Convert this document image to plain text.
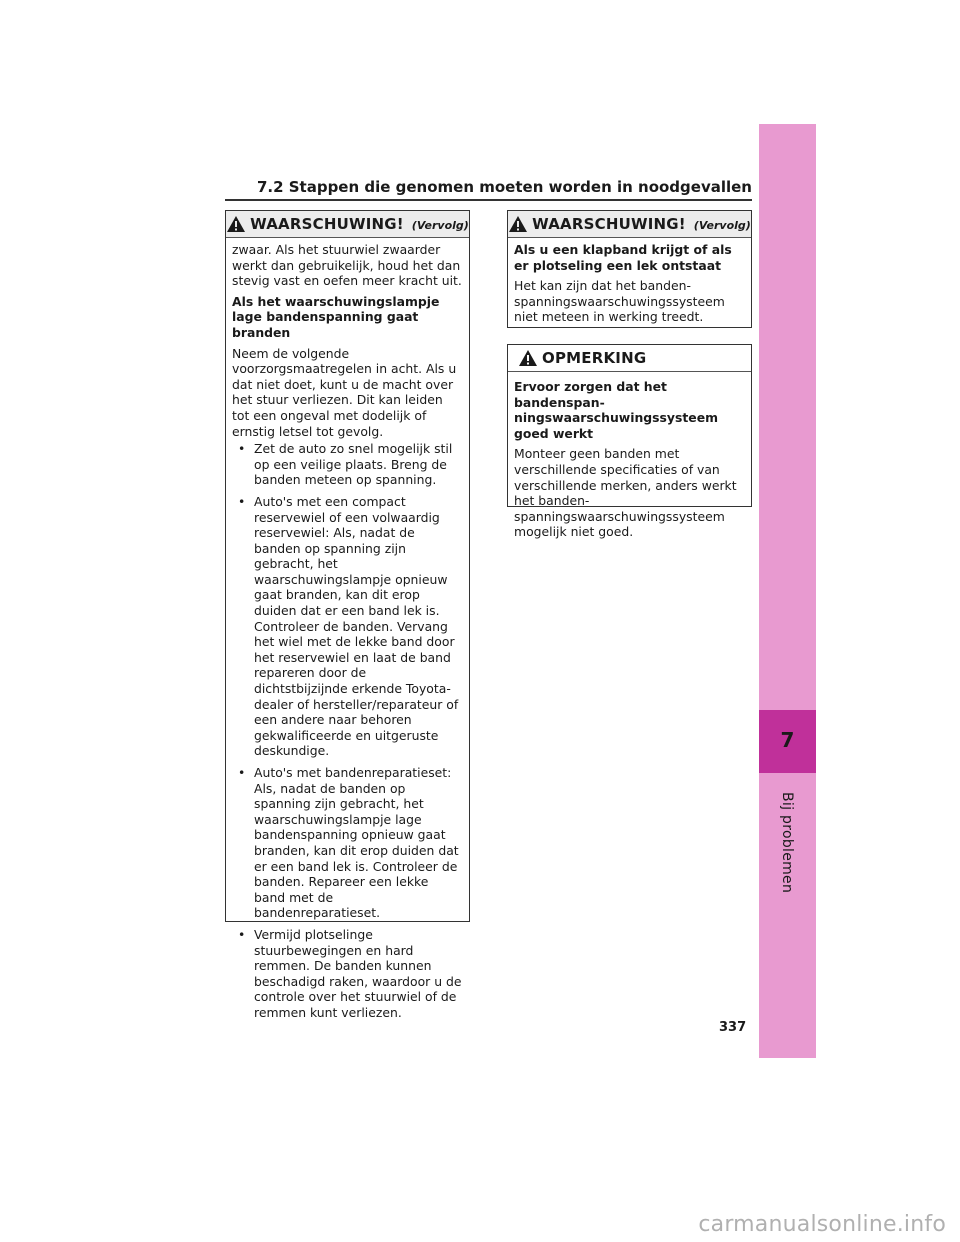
7
Bij problemen
7.2 Stappen die genomen moeten worden in noodgevallen
WAARSCHUWING! (Vervolg)

zwaar. Als het stuurwiel zwaarder werkt dan gebruikelijk, houd het dan stevig vast en oefen meer kracht uit.

Als het waarschuwingslampje lage bandenspanning gaat branden

Neem de volgende voorzorgsmaatregelen in acht. Als u dat niet doet, kunt u de macht over het stuur verliezen. Dit kan leiden tot een ongeval met dodelijk of ernstig letsel tot gevolg.

• Zet de auto zo snel mogelijk stil op een veilige plaats. Breng de banden meteen op spanning.
• Auto's met een compact reservewiel of een volwaardig reservewiel: Als, nadat de banden op spanning zijn gebracht, het waarschuwingslampje opnieuw gaat branden, kan dit erop duiden dat er een band lek is. Controleer de banden. Vervang het wiel met de lekke band door het reservewiel en laat de band repareren door de dichtstbijzijnde erkende Toyota-dealer of hersteller/reparateur of een andere naar behoren gekwalificeerde en uitgeruste deskundige.
• Auto's met bandenreparatieset: Als, nadat de banden op spanning zijn gebracht, het waarschuwingslampje lage bandenspanning opnieuw gaat branden, kan dit erop duiden dat er een band lek is. Controleer de banden. Repareer een lekke band met de bandenreparatieset.
• Vermijd plotselinge stuurbewegingen en hard remmen. De banden kunnen beschadigd raken, waardoor u de controle over het stuurwiel of de remmen kunt verliezen.
WAARSCHUWING! (Vervolg)

Als u een klapband krijgt of als er plotseling een lek ontstaat

Het kan zijn dat het banden-spanningswaarschuwingssysteem niet meteen in werking treedt.

OPMERKING

Ervoor zorgen dat het bandenspan-ningswaarschuwingssysteem goed werkt

Monteer geen banden met verschillende specificaties of van verschillende merken, anders werkt het banden-spanningswaarschuwingssysteem mogelijk niet goed.

337
carmanualsonline.info
